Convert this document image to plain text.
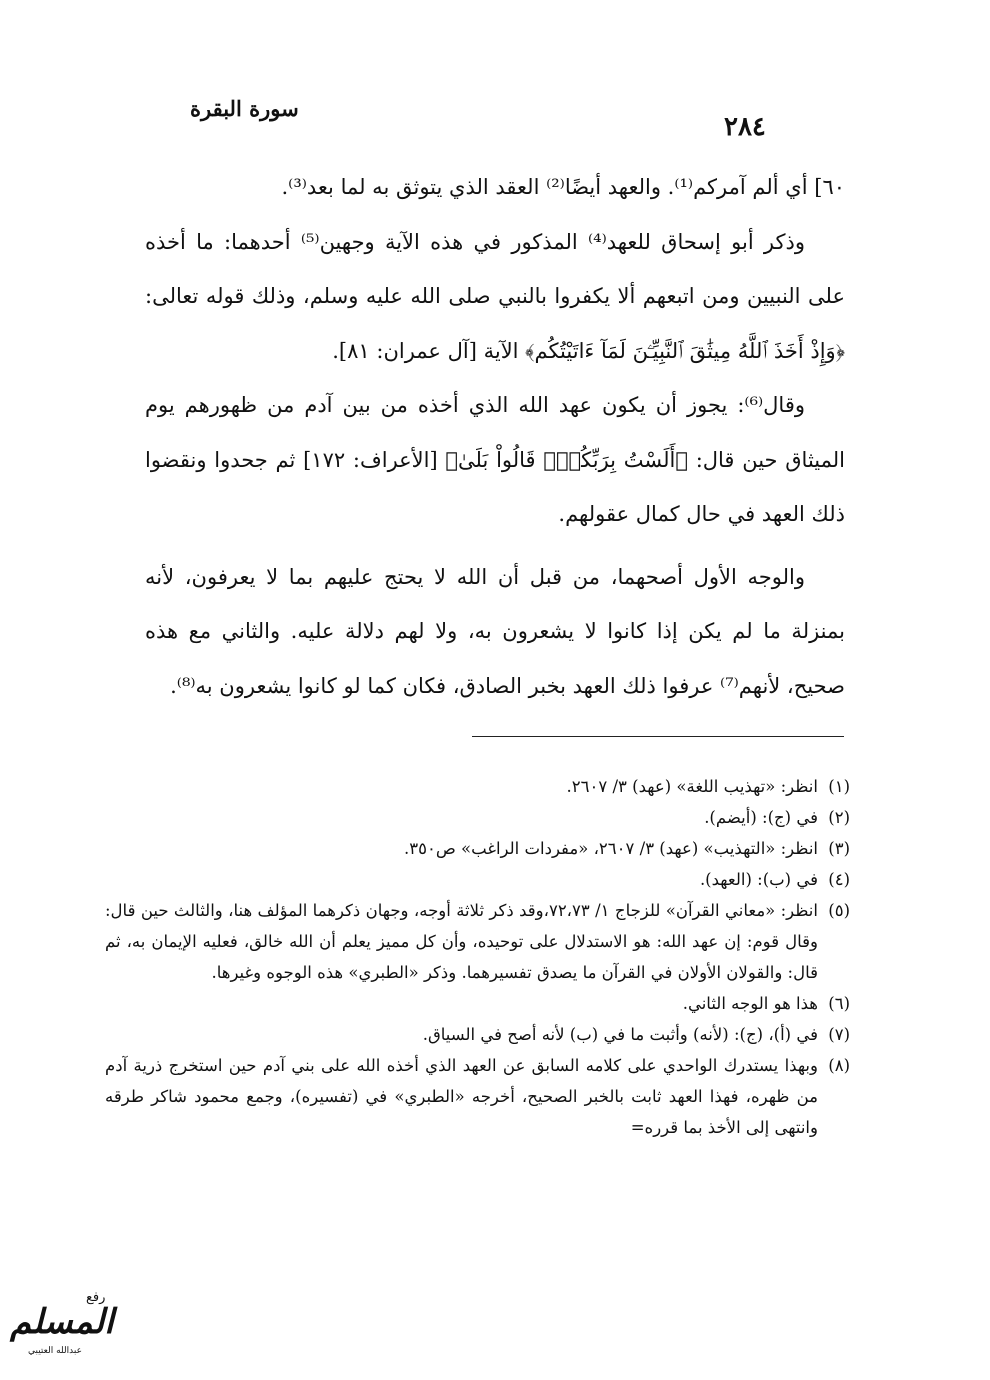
سورة البقرة
٢٨٤

٦٠] أي ألم آمركم⁽¹⁾. والعهد أيضًا⁽²⁾ العقد الذي يتوثق به لما بعد⁽³⁾.

وذكر أبو إسحاق للعهد⁽⁴⁾ المذكور في هذه الآية وجهين⁽⁵⁾ أحدهما: ما أخذه على النبيين ومن اتبعهم ألا يكفروا بالنبي صلى الله عليه وسلم، وذلك قوله تعالى: ﴿وَإِذْ أَخَذَ ٱللَّهُ مِيثَٰقَ ٱلنَّبِيِّـۧنَ لَمَآ ءَاتَيْتُكُم﴾ الآية [آل عمران: ٨١].

وقال⁽⁶⁾: يجوز أن يكون عهد الله الذي أخذه من بين آدم من ظهورهم يوم الميثاق حين قال: ﴿أَلَسْتُ بِرَبِّكُمْۖ قَالُواْ بَلَىٰ﴾ [الأعراف: ١٧٢] ثم جحدوا ونقضوا ذلك العهد في حال كمال عقولهم.

والوجه الأول أصحهما، من قبل أن الله لا يحتج عليهم بما لا يعرفون، لأنه بمنزلة ما لم يكن إذا كانوا لا يشعرون به، ولا لهم دلالة عليه. والثاني مع هذه صحيح، لأنهم⁽⁷⁾ عرفوا ذلك العهد بخبر الصادق، فكان كما لو كانوا يشعرون به⁽⁸⁾.

(١)
انظر: «تهذيب اللغة» (عهد) ٣/ ٢٦٠٧.
(٢)
في (ج): (أيضم).
(٣)
انظر: «التهذيب» (عهد) ٣/ ٢٦٠٧، «مفردات الراغب» ص٣٥٠.
(٤)
في (ب): (العهد).
(٥)
انظر: «معاني القرآن» للزجاج ١/ ٧٢،٧٣،وقد ذكر ثلاثة أوجه، وجهان ذكرهما المؤلف هنا، والثالث حين قال: وقال قوم: إن عهد الله: هو الاستدلال على توحيده، وأن كل مميز يعلم أن الله خالق، فعليه الإيمان به، ثم قال: والقولان الأولان في القرآن ما يصدق تفسيرهما. وذكر «الطبري» هذه الوجوه وغيرها.
(٦)
هذا هو الوجه الثاني.
(٧)
في (أ)، (ج): (لأنه) وأثبت ما في (ب) لأنه أصح في السياق.
(٨)
وبهذا يستدرك الواحدي على كلامه السابق عن العهد الذي أخذه الله على بني آدم حين استخرج ذرية آدم من ظهره، فهذا العهد ثابت بالخبر الصحيح، أخرجه «الطبري» في (تفسيره)، وجمع محمود شاكر طرقه وانتهى إلى الأخذ بما قرره=
رفع
المسلم
عبدالله العتيبي
